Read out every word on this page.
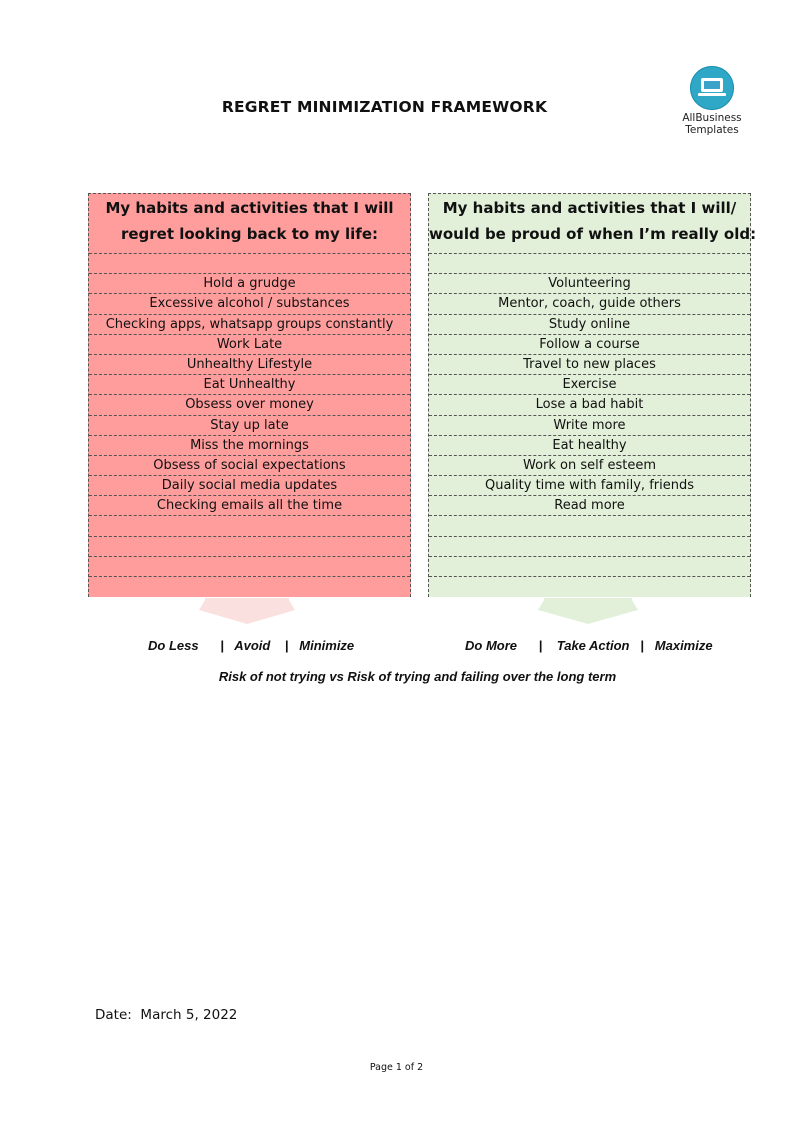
REGRET MINIMIZATION FRAMEWORK
AllBusiness
Templates
My habits and activities that I will
regret looking back to my life:
Hold a grudge
Excessive alcohol / substances
Checking apps, whatsapp groups constantly
Work Late
Unhealthy Lifestyle
Eat Unhealthy
Obsess over money
Stay up late
Miss the mornings
Obsess of social expectations
Daily social media updates
Checking emails all the time
My habits and activities that I will/
would be proud of when I’m really old:
Volunteering
Mentor, coach, guide others
Study online
Follow a course
Travel to new places
Exercise
Lose a bad habit
Write more
Eat healthy
Work on self esteem
Quality time with family, friends
Read more
Do Less      |   Avoid    |   Minimize	Do More      |    Take Action   |   Maximize
Risk of not trying vs Risk of trying and failing over the long term
Date: March 5, 2022
Page 1 of 2
